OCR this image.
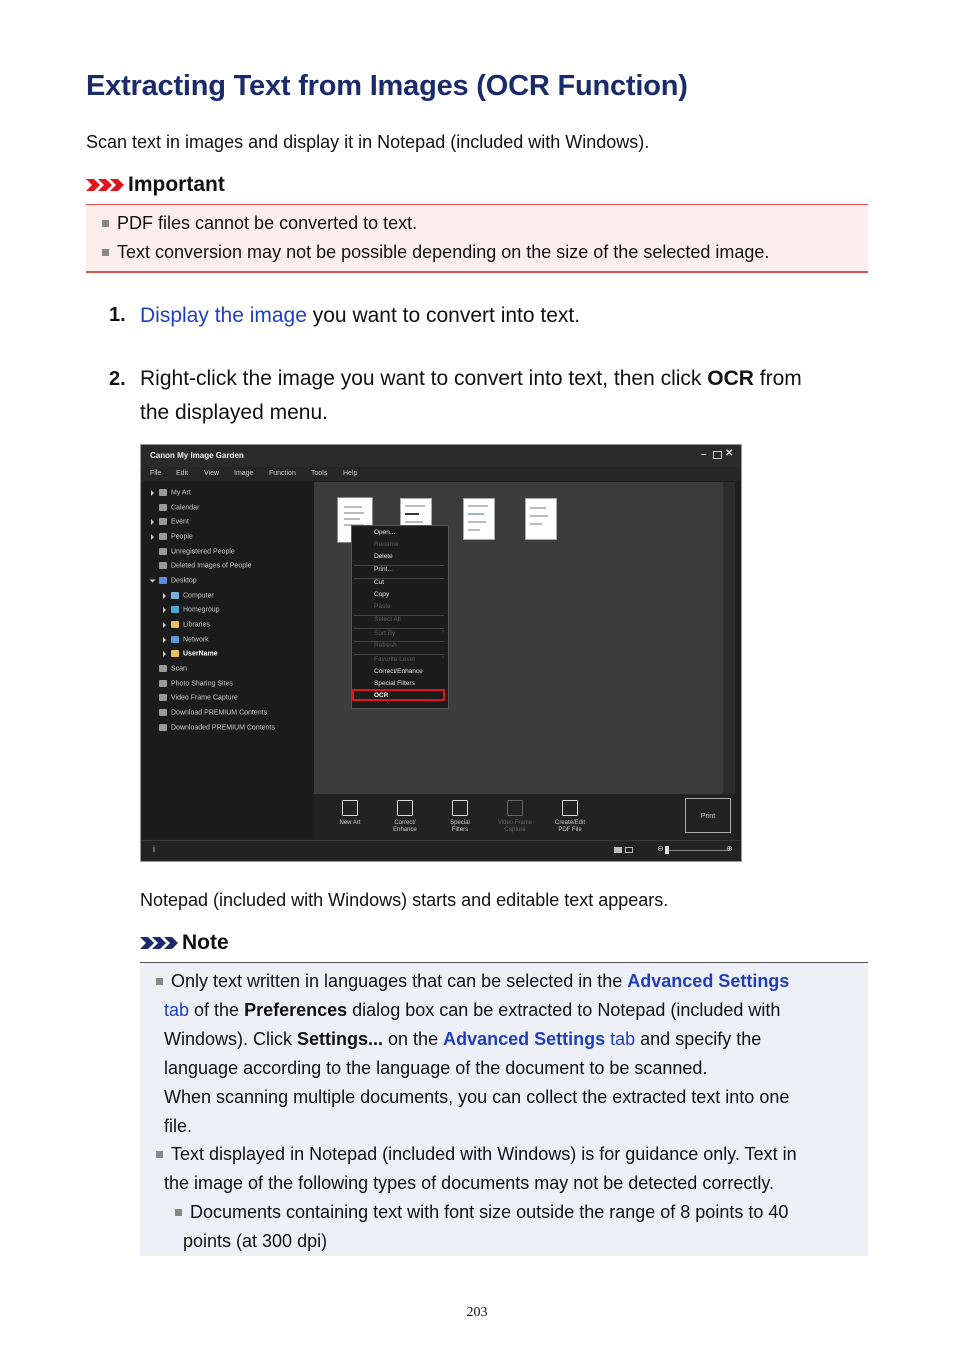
Extracting Text from Images (OCR Function)
Scan text in images and display it in Notepad (included with Windows).
Important
PDF files cannot be converted to text.
Text conversion may not be possible depending on the size of the selected image.
1. Display the image you want to convert into text.
2. Right-click the image you want to convert into text, then click OCR from
the displayed menu.
Canon My Image Garden	– ✕
File Edit View Image Function Tools Help
My Art
Calendar
Event
People
Unregistered People
Deleted Images of People
Desktop
Computer
Homegroup
Libraries
Network
UserName
Scan
Photo Sharing Sites
Video Frame Capture
Download PREMIUM Contents
Downloaded PREMIUM Contents
Open...
Rename
Delete
Print...
Cut
Copy
Paste
Select All
Sort By	›
Refresh
Favorite Level	›
Correct/Enhance
Special Filters
OCR
New Art	Correct/
Enhance
Special
Filters
Video Frame
Capture
Create/Edit
PDF File
Print
i	⊖	⊕
Notepad (included with Windows) starts and editable text appears.
Note
Only text written in languages that can be selected in the Advanced Settings
tab of the Preferences dialog box can be extracted to Notepad (included with
Windows). Click Settings... on the Advanced Settings tab and specify the
language according to the language of the document to be scanned.
When scanning multiple documents, you can collect the extracted text into one
file.
Text displayed in Notepad (included with Windows) is for guidance only. Text in
the image of the following types of documents may not be detected correctly.
Documents containing text with font size outside the range of 8 points to 40
points (at 300 dpi)
203
